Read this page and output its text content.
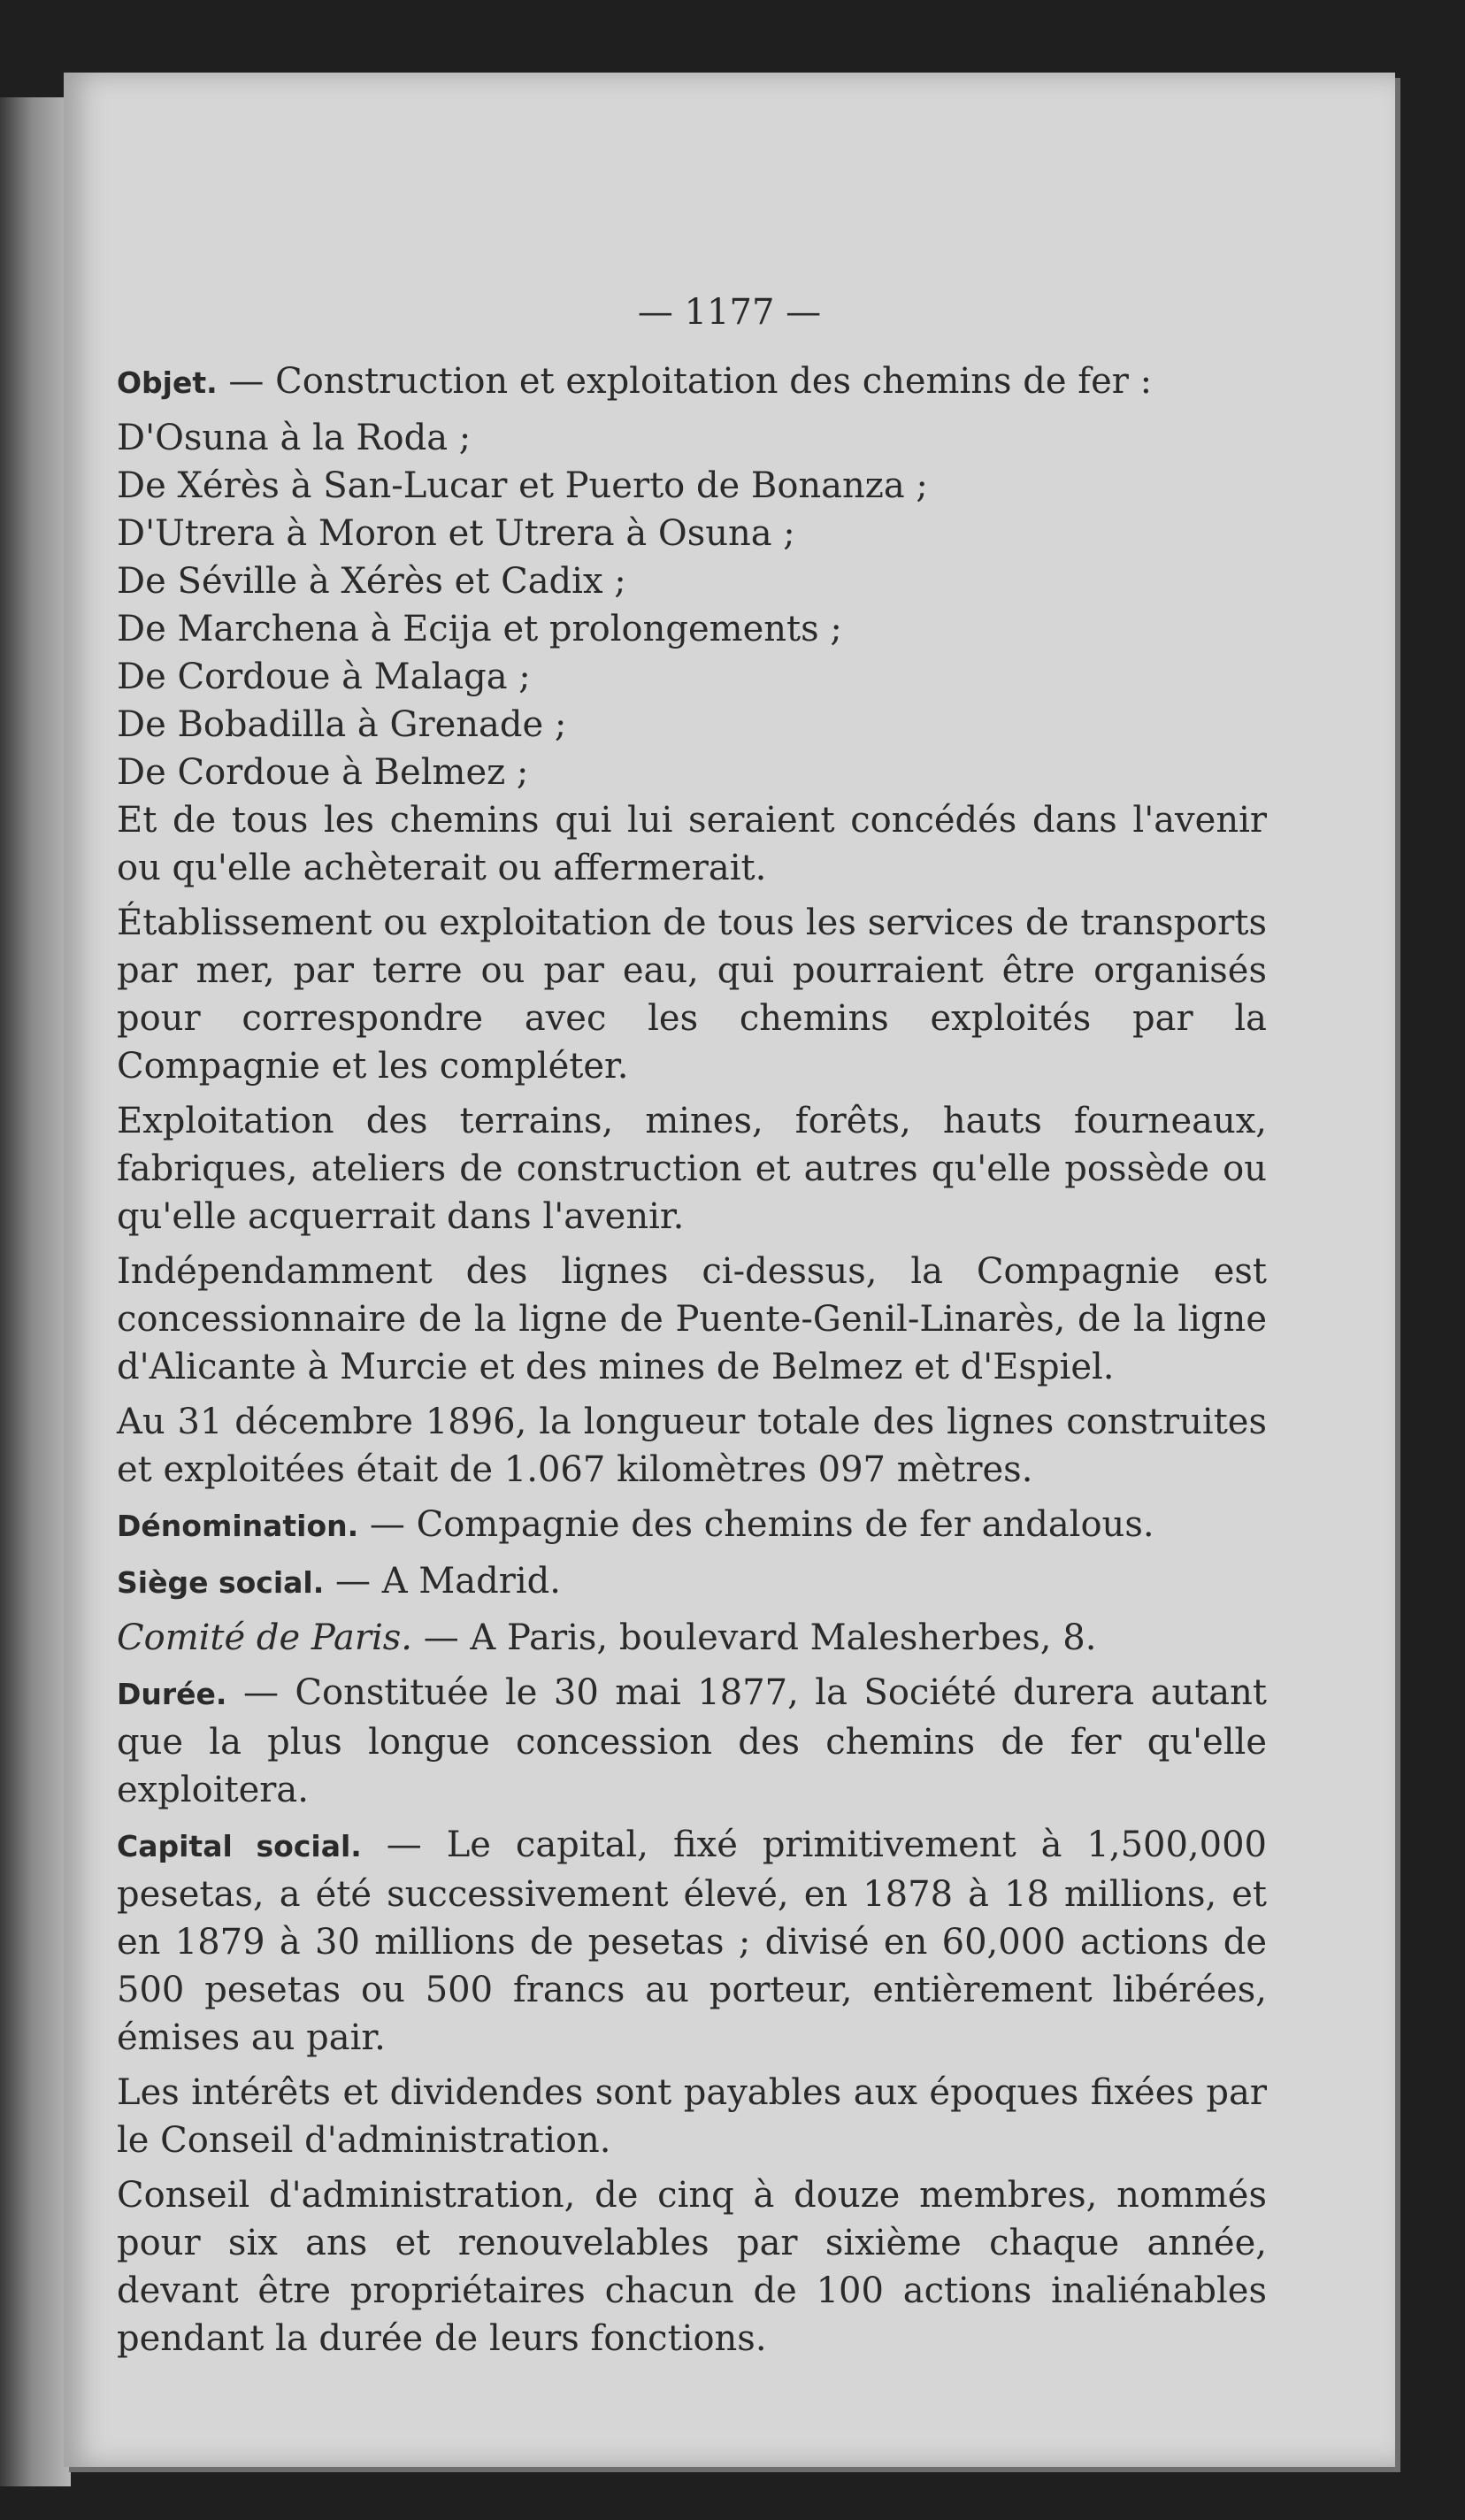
— 1177 —

Objet. — Construction et exploitation des chemins de fer :

D'Osuna à la Roda ;
De Xérès à San-Lucar et Puerto de Bonanza ;
D'Utrera à Moron et Utrera à Osuna ;
De Séville à Xérès et Cadix ;
De Marchena à Ecija et prolongements ;
De Cordoue à Malaga ;
De Bobadilla à Grenade ;
De Cordoue à Belmez ;

Et de tous les chemins qui lui seraient concédés dans l'avenir ou qu'elle achèterait ou affermerait.

Établissement ou exploitation de tous les services de transports par mer, par terre ou par eau, qui pourraient être organisés pour correspondre avec les chemins exploités par la Compagnie et les compléter.

Exploitation des terrains, mines, forêts, hauts fourneaux, fabriques, ateliers de construction et autres qu'elle possède ou qu'elle acquerrait dans l'avenir.

Indépendamment des lignes ci-dessus, la Compagnie est concessionnaire de la ligne de Puente-Genil-Linarès, de la ligne d'Alicante à Murcie et des mines de Belmez et d'Espiel.

Au 31 décembre 1896, la longueur totale des lignes construites et exploitées était de 1.067 kilomètres 097 mètres.

Dénomination. — Compagnie des chemins de fer andalous.

Siège social. — A Madrid.

Comité de Paris. — A Paris, boulevard Malesherbes, 8.

Durée. — Constituée le 30 mai 1877, la Société durera autant que la plus longue concession des chemins de fer qu'elle exploitera.

Capital social. — Le capital, fixé primitivement à 1,500,000 pesetas, a été successivement élevé, en 1878 à 18 millions, et en 1879 à 30 millions de pesetas ; divisé en 60,000 actions de 500 pesetas ou 500 francs au porteur, entièrement libérées, émises au pair.

Les intérêts et dividendes sont payables aux époques fixées par le Conseil d'administration.

Conseil d'administration, de cinq à douze membres, nommés pour six ans et renouvelables par sixième chaque année, devant être propriétaires chacun de 100 actions inaliénables pendant la durée de leurs fonctions.
